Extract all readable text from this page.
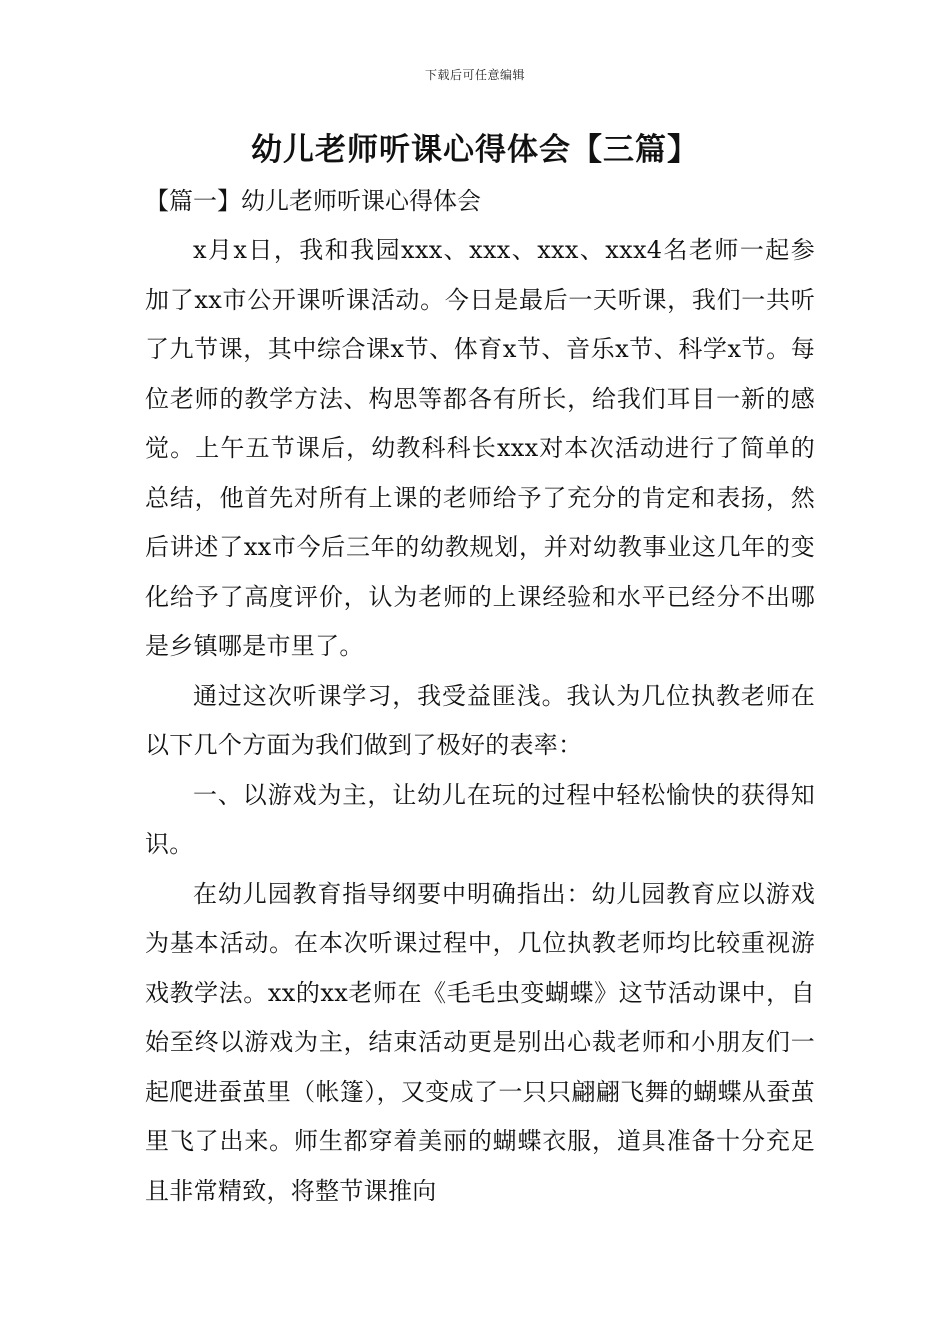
下载后可任意编辑
幼儿老师听课心得体会【三篇】
【篇一】幼儿老师听课心得体会

x月x日，我和我园xxx、xxx、xxx、xxx4名老师一起参加了xx市公开课听课活动。今日是最后一天听课，我们一共听了九节课，其中综合课x节、体育x节、音乐x节、科学x节。每位老师的教学方法、构思等都各有所长，给我们耳目一新的感觉。上午五节课后，幼教科科长xxx对本次活动进行了简单的总结，他首先对所有上课的老师给予了充分的肯定和表扬，然后讲述了xx市今后三年的幼教规划，并对幼教事业这几年的变化给予了高度评价，认为老师的上课经验和水平已经分不出哪是乡镇哪是市里了。

通过这次听课学习，我受益匪浅。我认为几位执教老师在以下几个方面为我们做到了极好的表率：

一、以游戏为主，让幼儿在玩的过程中轻松愉快的获得知识。

在幼儿园教育指导纲要中明确指出：幼儿园教育应以游戏为基本活动。在本次听课过程中，几位执教老师均比较重视游戏教学法。xx的xx老师在《毛毛虫变蝴蝶》这节活动课中，自始至终以游戏为主，结束活动更是别出心裁老师和小朋友们一起爬进蚕茧里（帐篷），又变成了一只只翩翩飞舞的蝴蝶从蚕茧里飞了出来。师生都穿着美丽的蝴蝶衣服，道具准备十分充足且非常精致，将整节课推向
